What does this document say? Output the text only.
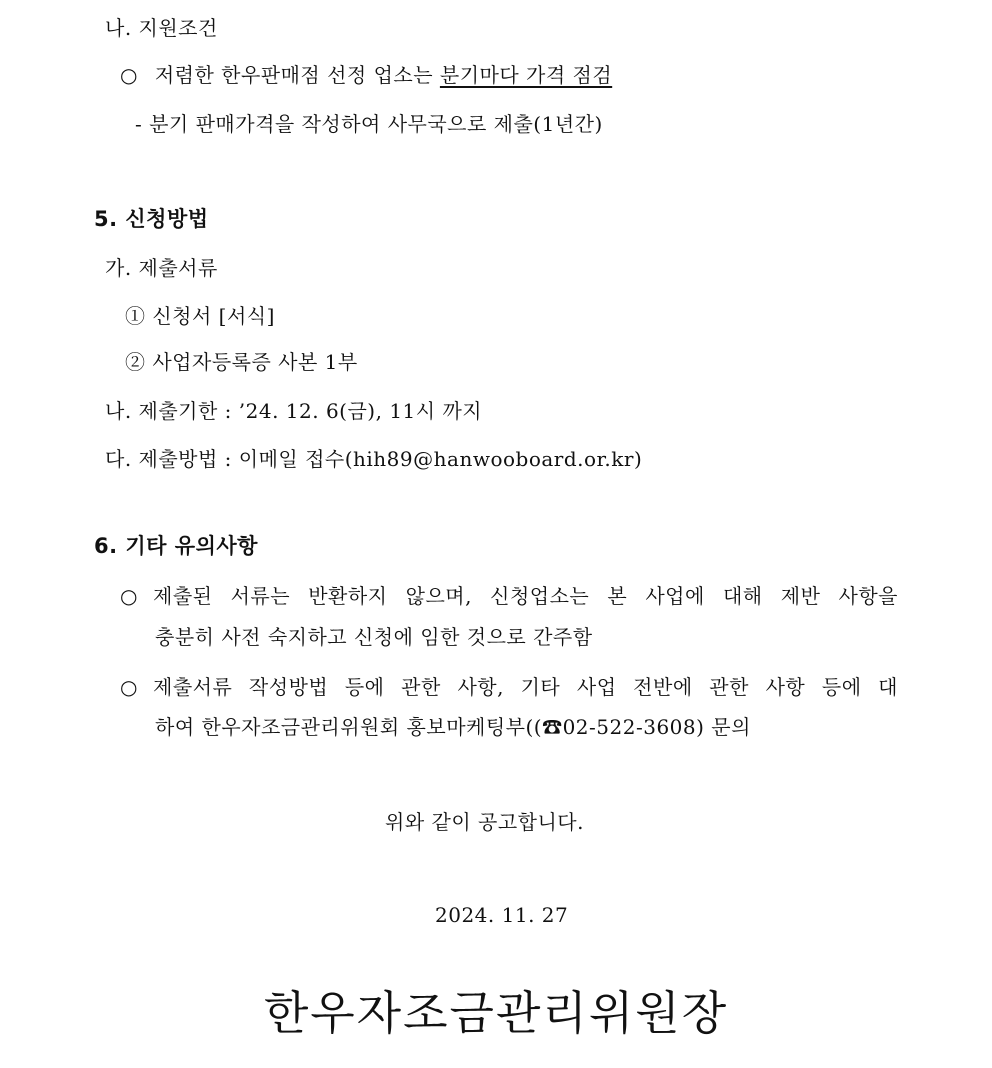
나. 지원조건
○ 저렴한 한우판매점 선정 업소는 분기마다 가격 점검
- 분기 판매가격을 작성하여 사무국으로 제출(1년간)
5. 신청방법
가. 제출서류
① 신청서 [서식]
② 사업자등록증 사본 1부
나. 제출기한 : ’24. 12. 6(금), 11시 까지
다. 제출방법 : 이메일 접수(hih89@hanwooboard.or.kr)
6. 기타 유의사항
○ 제출된 서류는 반환하지 않으며, 신청업소는 본 사업에 대해 제반 사항을
충분히 사전 숙지하고 신청에 임한 것으로 간주함
○ 제출서류 작성방법 등에 관한 사항, 기타 사업 전반에 관한 사항 등에 대
하여 한우자조금관리위원회 홍보마케팅부((☎02-522-3608) 문의
위와 같이 공고합니다.
2024. 11. 27
한우자조금관리위원장
